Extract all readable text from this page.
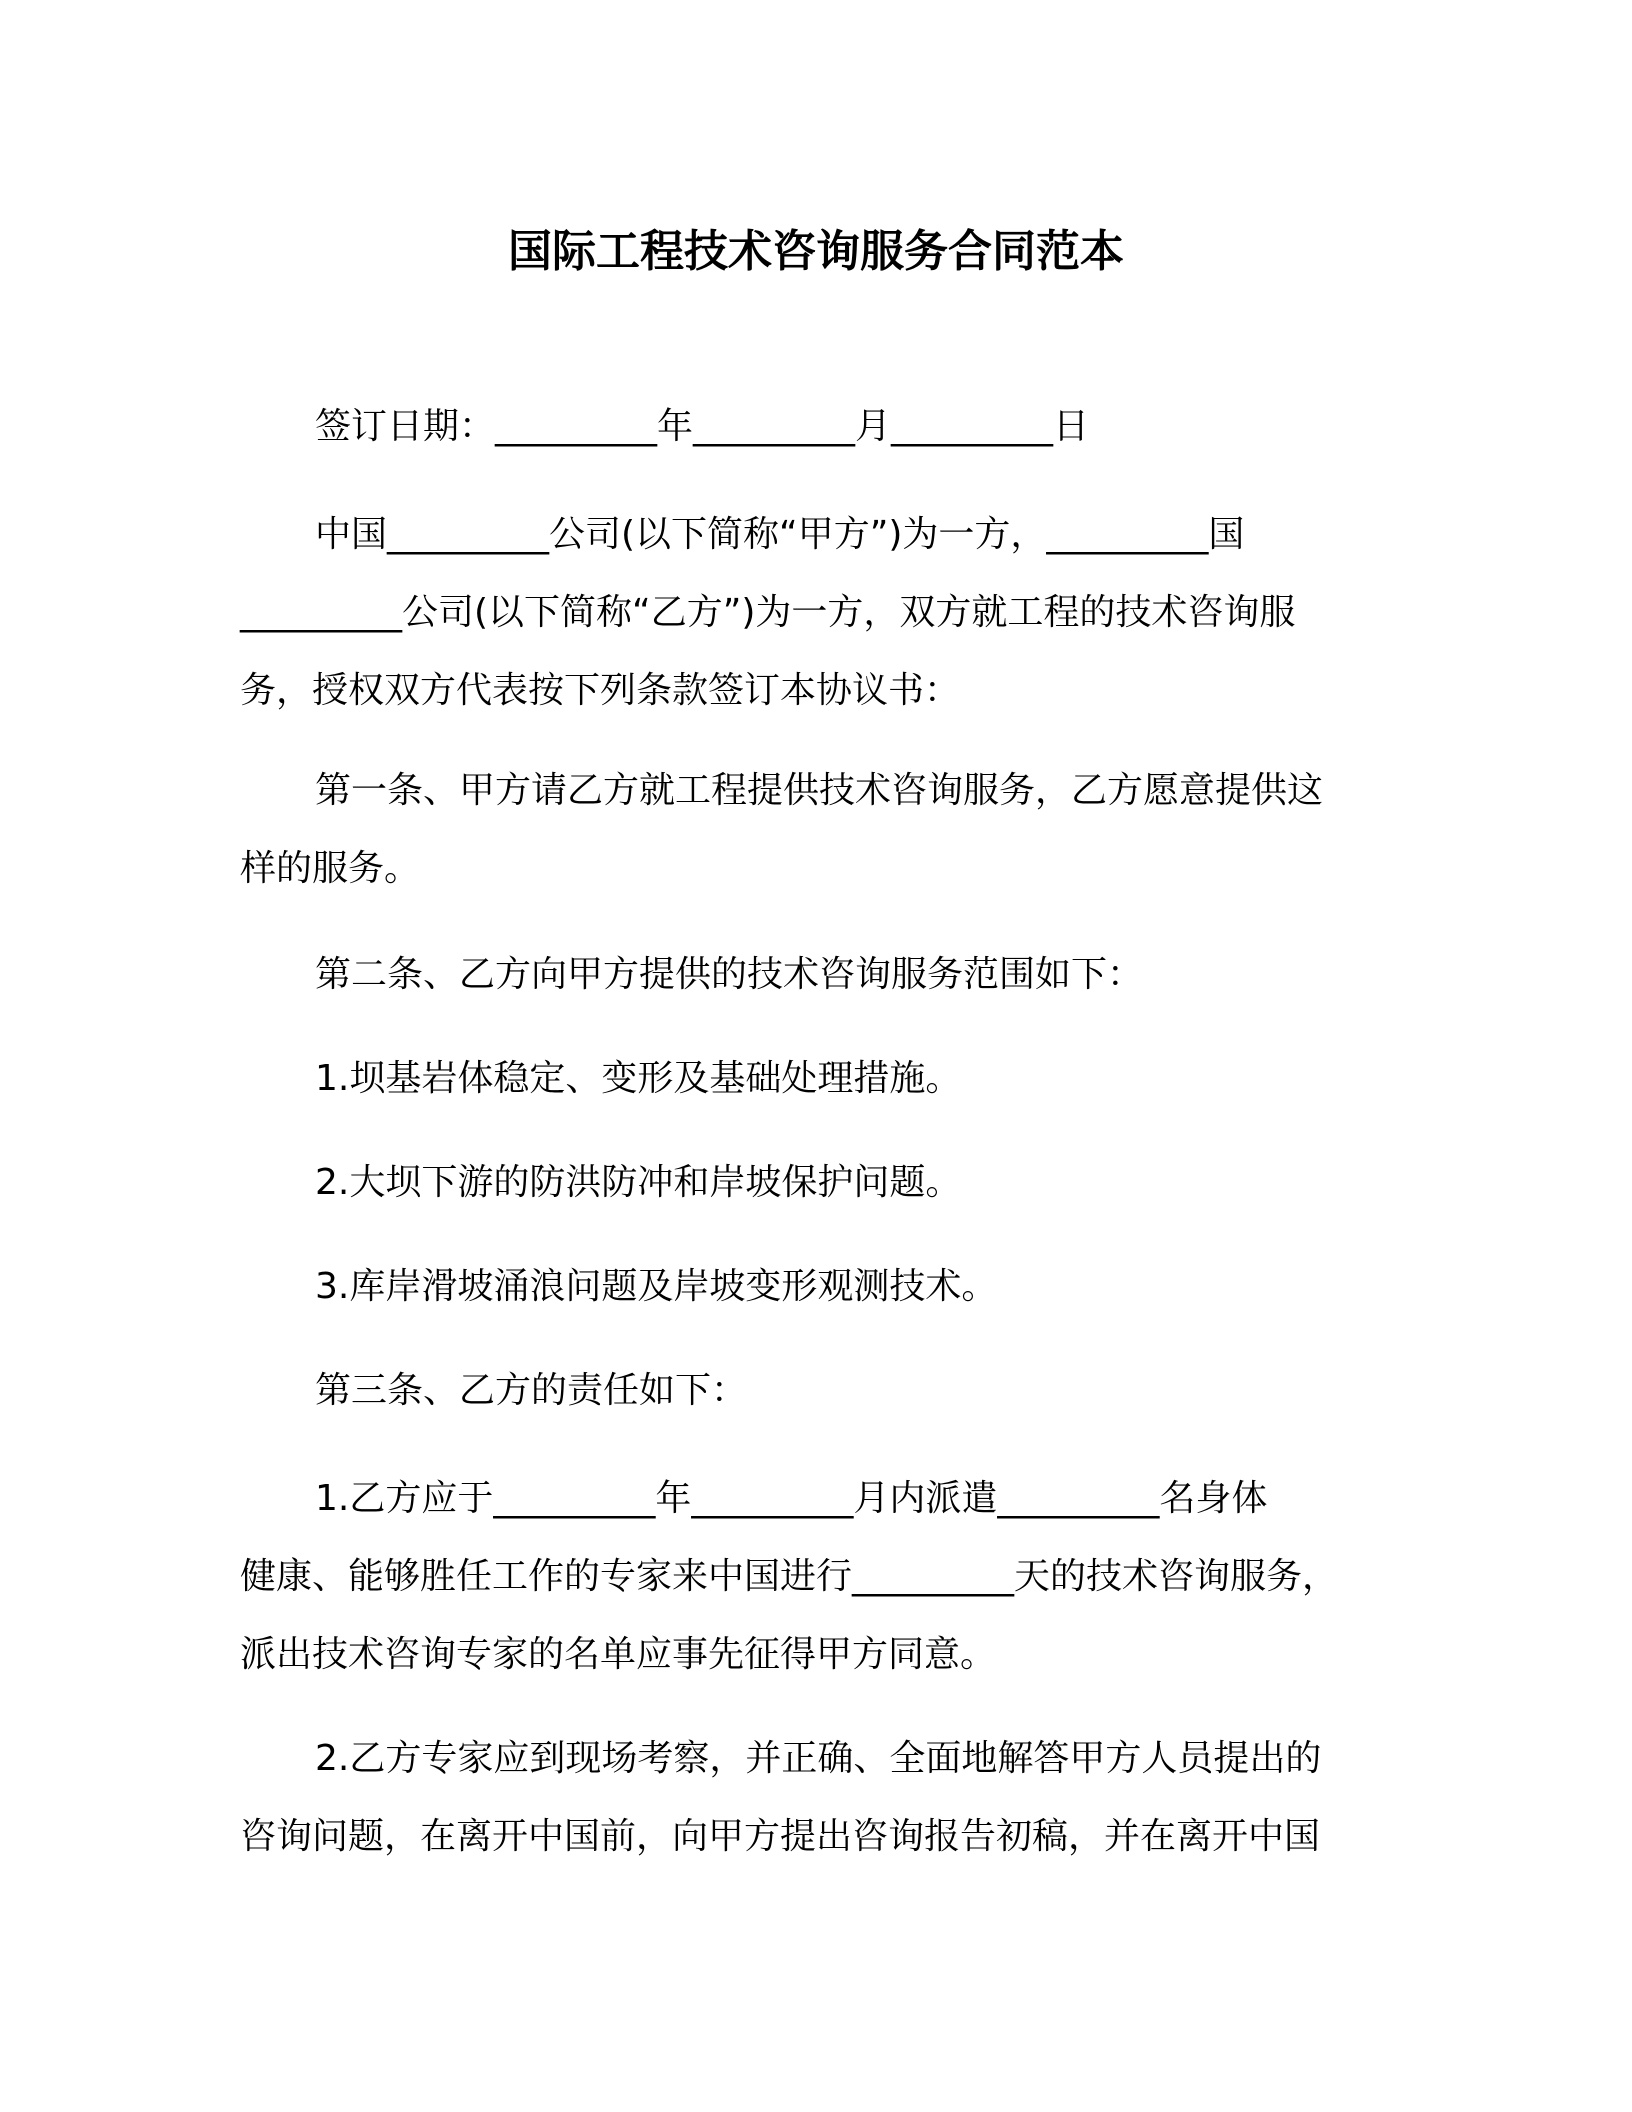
国际工程技术咨询服务合同范本
签订日期：_________年_________月_________日
中国_________公司(以下简称“甲方”)为一方，_________国
_________公司(以下简称“乙方”)为一方，双方就工程的技术咨询服
务，授权双方代表按下列条款签订本协议书：
第一条、甲方请乙方就工程提供技术咨询服务，乙方愿意提供这
样的服务。
第二条、乙方向甲方提供的技术咨询服务范围如下：
1.坝基岩体稳定、变形及基础处理措施。
2.大坝下游的防洪防冲和岸坡保护问题。
3.库岸滑坡涌浪问题及岸坡变形观测技术。
第三条、乙方的责任如下：
1.乙方应于_________年_________月内派遣_________名身体
健康、能够胜任工作的专家来中国进行_________天的技术咨询服务，
派出技术咨询专家的名单应事先征得甲方同意。
2.乙方专家应到现场考察，并正确、全面地解答甲方人员提出的
咨询问题，在离开中国前，向甲方提出咨询报告初稿，并在离开中国
